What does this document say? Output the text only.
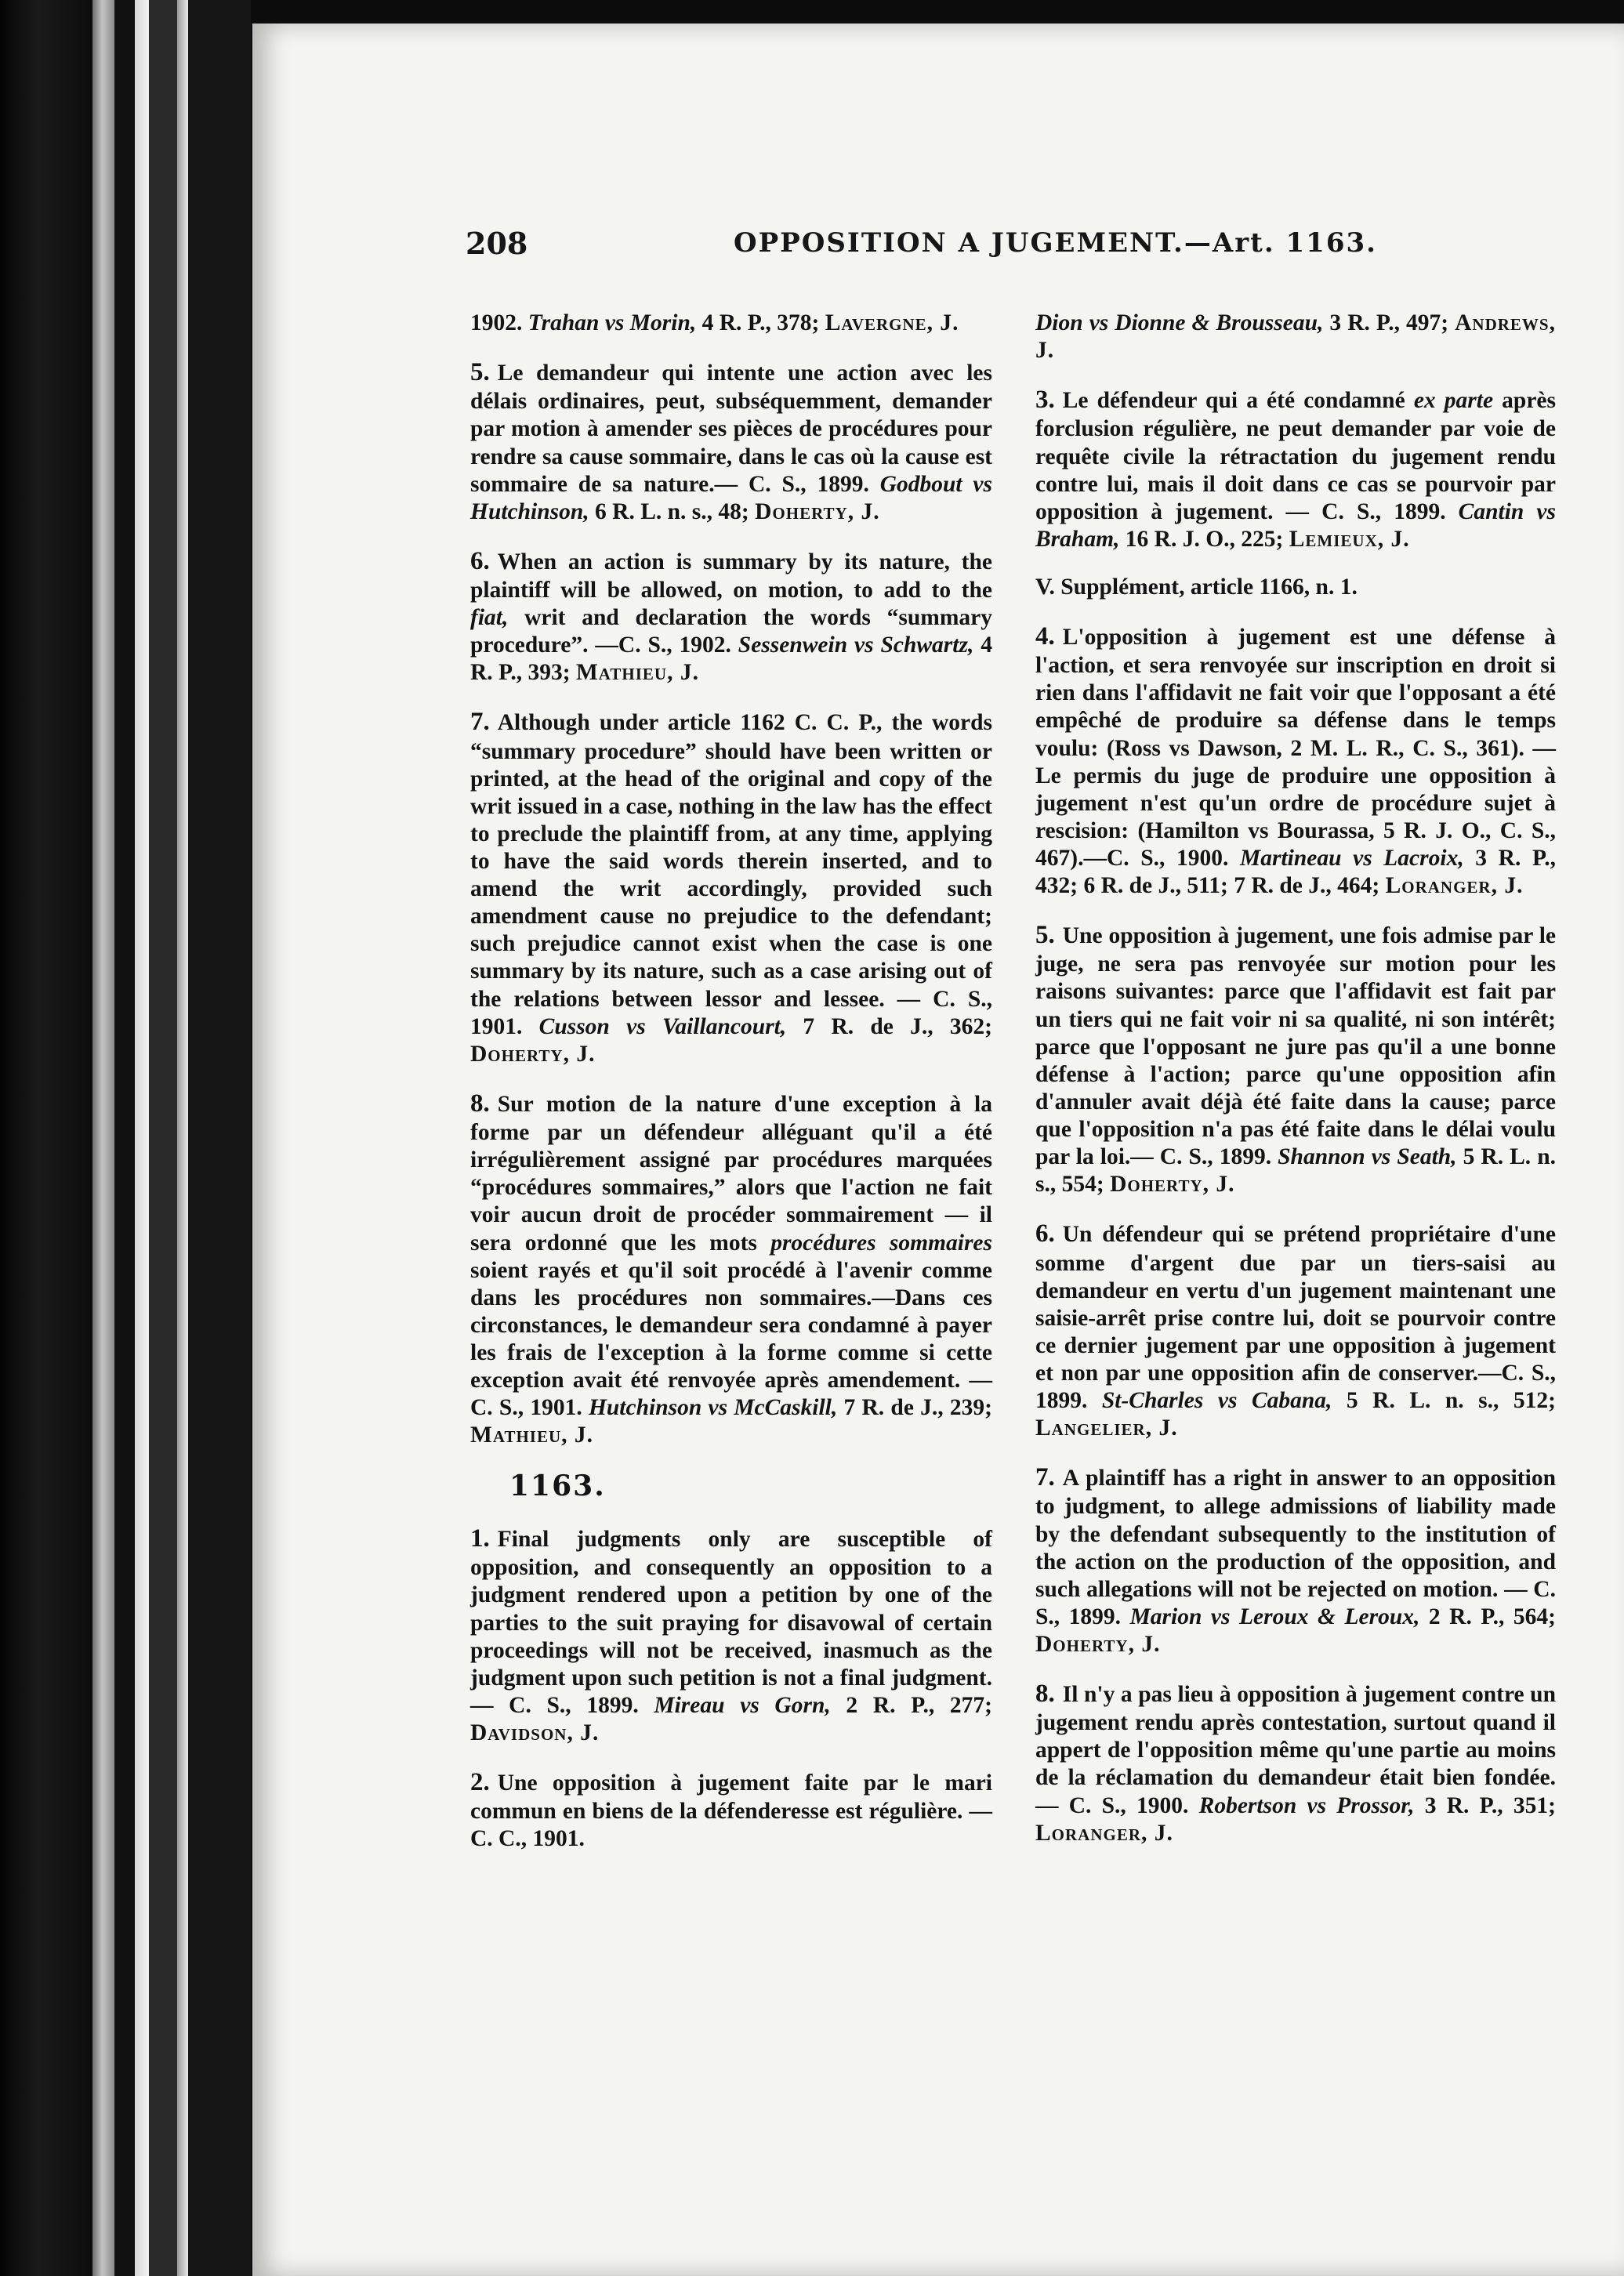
208	OPPOSITION A JUGEMENT.—Art. 1163.

1902. Trahan vs Morin, 4 R. P., 378; Lavergne, J.

5. Le demandeur qui intente une action avec les délais ordinaires, peut, subséquemment, demander par motion à amender ses pièces de procédures pour rendre sa cause sommaire, dans le cas où la cause est sommaire de sa nature.— C. S., 1899. Godbout vs Hutchinson, 6 R. L. n. s., 48; Doherty, J.

6. When an action is summary by its nature, the plaintiff will be allowed, on motion, to add to the fiat, writ and declaration the words “summary procedure”. —C. S., 1902. Sessenwein vs Schwartz, 4 R. P., 393; Mathieu, J.

7. Although under article 1162 C. C. P., the words “summary procedure” should have been written or printed, at the head of the original and copy of the writ issued in a case, nothing in the law has the effect to preclude the plaintiff from, at any time, applying to have the said words therein inserted, and to amend the writ accordingly, provided such amendment cause no prejudice to the defendant; such prejudice cannot exist when the case is one summary by its nature, such as a case arising out of the relations between lessor and lessee. — C. S., 1901. Cusson vs Vaillancourt, 7 R. de J., 362; Doherty, J.

8. Sur motion de la nature d'une exception à la forme par un défendeur alléguant qu'il a été irrégulièrement assigné par procédures marquées “procédures sommaires,” alors que l'action ne fait voir aucun droit de procéder sommairement — il sera ordonné que les mots procédures sommaires soient rayés et qu'il soit procédé à l'avenir comme dans les procédures non sommaires.—Dans ces circonstances, le demandeur sera condamné à payer les frais de l'exception à la forme comme si cette exception avait été renvoyée après amendement. — C. S., 1901. Hutchinson vs McCaskill, 7 R. de J., 239; Mathieu, J.

1163.

1. Final judgments only are susceptible of opposition, and consequently an opposition to a judgment rendered upon a petition by one of the parties to the suit praying for disavowal of certain proceedings will not be received, inasmuch as the judgment upon such petition is not a final judgment. — C. S., 1899. Mireau vs Gorn, 2 R. P., 277; Davidson, J.

2. Une opposition à jugement faite par le mari commun en biens de la défenderesse est régulière. — C. C., 1901.

Dion vs Dionne & Brousseau, 3 R. P., 497; Andrews, J.

3. Le défendeur qui a été condamné ex parte après forclusion régulière, ne peut demander par voie de requête civile la rétractation du jugement rendu contre lui, mais il doit dans ce cas se pourvoir par opposition à jugement. — C. S., 1899. Cantin vs Braham, 16 R. J. O., 225; Lemieux, J.

V. Supplément, article 1166, n. 1.

4. L'opposition à jugement est une défense à l'action, et sera renvoyée sur inscription en droit si rien dans l'affidavit ne fait voir que l'opposant a été empêché de produire sa défense dans le temps voulu: (Ross vs Dawson, 2 M. L. R., C. S., 361). — Le permis du juge de produire une opposition à jugement n'est qu'un ordre de procédure sujet à rescision: (Hamilton vs Bourassa, 5 R. J. O., C. S., 467).—C. S., 1900. Martineau vs Lacroix, 3 R. P., 432; 6 R. de J., 511; 7 R. de J., 464; Loranger, J.

5. Une opposition à jugement, une fois admise par le juge, ne sera pas renvoyée sur motion pour les raisons suivantes: parce que l'affidavit est fait par un tiers qui ne fait voir ni sa qualité, ni son intérêt; parce que l'opposant ne jure pas qu'il a une bonne défense à l'action; parce qu'une opposition afin d'annuler avait déjà été faite dans la cause; parce que l'opposition n'a pas été faite dans le délai voulu par la loi.— C. S., 1899. Shannon vs Seath, 5 R. L. n. s., 554; Doherty, J.

6. Un défendeur qui se prétend propriétaire d'une somme d'argent due par un tiers-saisi au demandeur en vertu d'un jugement maintenant une saisie-arrêt prise contre lui, doit se pourvoir contre ce dernier jugement par une opposition à jugement et non par une opposition afin de conserver.—C. S., 1899. St-Charles vs Cabana, 5 R. L. n. s., 512; Langelier, J.

7. A plaintiff has a right in answer to an opposition to judgment, to allege admissions of liability made by the defendant subsequently to the institution of the action on the production of the opposition, and such allegations will not be rejected on motion. — C. S., 1899. Marion vs Leroux & Leroux, 2 R. P., 564; Doherty, J.

8. Il n'y a pas lieu à opposition à jugement contre un jugement rendu après contestation, surtout quand il appert de l'opposition même qu'une partie au moins de la réclamation du demandeur était bien fondée. — C. S., 1900. Robertson vs Prossor, 3 R. P., 351; Loranger, J.
